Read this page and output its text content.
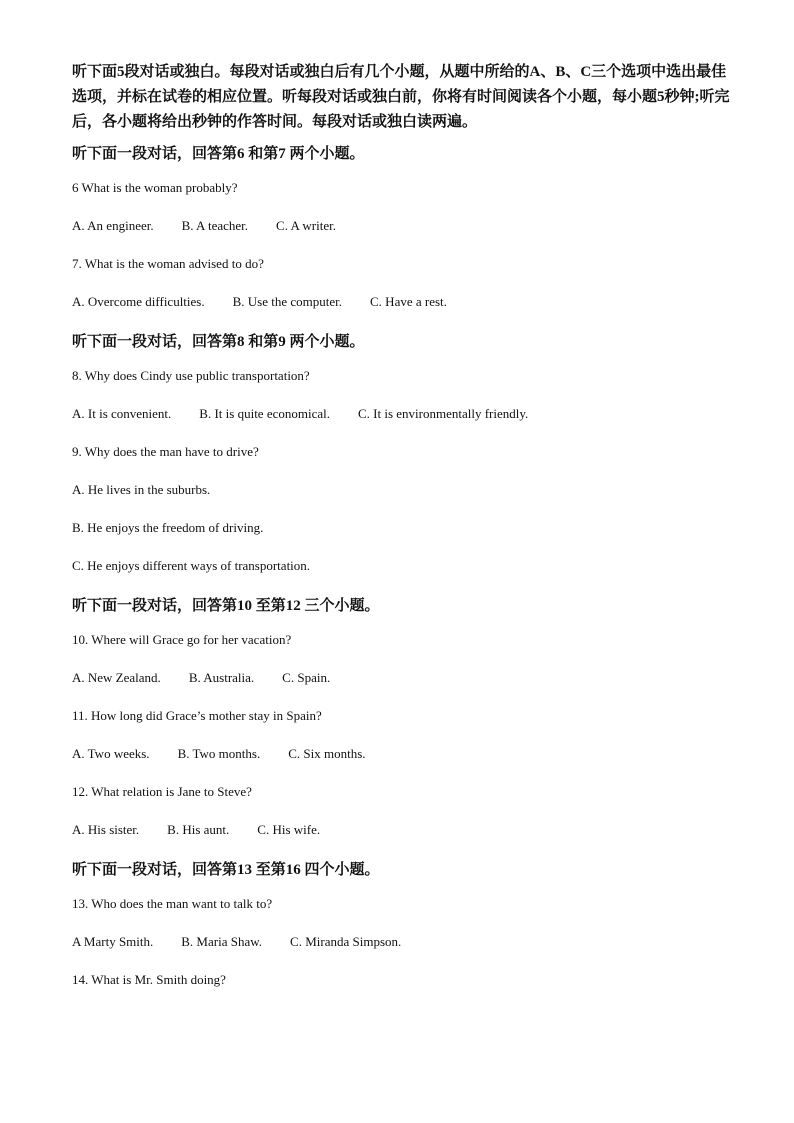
听下面5段对话或独白。每段对话或独白后有几个小题，从题中所给的A、B、C三个选项中选出最佳选项，并标在试卷的相应位置。听每段对话或独白前，你将有时间阅读各个小题，每小题5秒钟;听完后，各小题将给出秒钟的作答时间。每段对话或独白读两遍。

听下面一段对话，回答第6 和第7 两个小题。

6 What is the woman probably?

A. An engineer. B. A teacher. C. A writer.

7. What is the woman advised to do?

A. Overcome difficulties. B. Use the computer. C. Have a rest.

听下面一段对话，回答第8 和第9 两个小题。

8. Why does Cindy use public transportation?

A. It is convenient. B. It is quite economical. C. It is environmentally friendly.

9. Why does the man have to drive?

A. He lives in the suburbs.

B. He enjoys the freedom of driving.

C. He enjoys different ways of transportation.

听下面一段对话，回答第10 至第12 三个小题。

10. Where will Grace go for her vacation?

A. New Zealand. B. Australia. C. Spain.

11. How long did Grace’s mother stay in Spain?

A. Two weeks. B. Two months. C. Six months.

12. What relation is Jane to Steve?

A. His sister. B. His aunt. C. His wife.

听下面一段对话，回答第13 至第16 四个小题。

13. Who does the man want to talk to?

A Marty Smith. B. Maria Shaw. C. Miranda Simpson.

14. What is Mr. Smith doing?
